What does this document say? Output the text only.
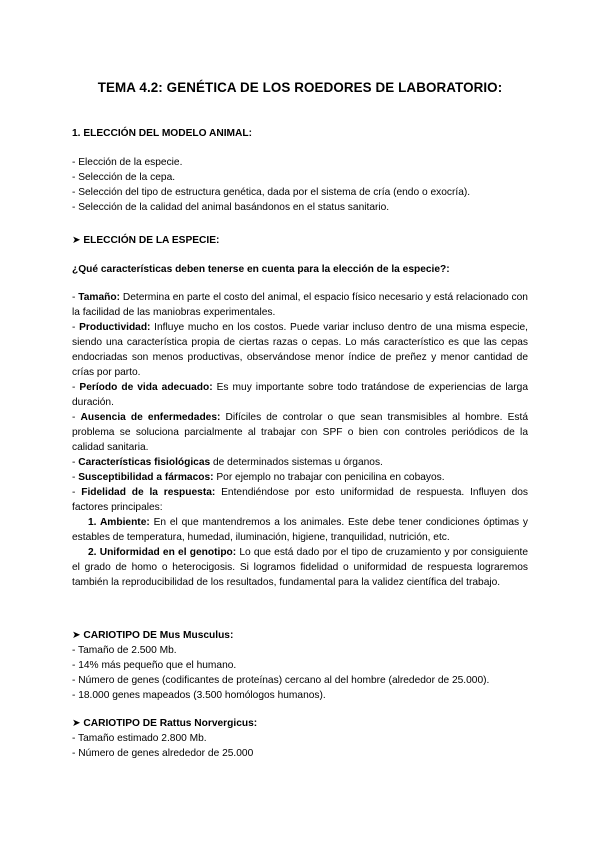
TEMA 4.2: GENÉTICA DE LOS ROEDORES DE LABORATORIO:
1. ELECCIÓN DEL MODELO ANIMAL:
- Elección de la especie.
- Selección de la cepa.
- Selección del tipo de estructura genética, dada por el sistema de cría (endo o exocría).
- Selección de la calidad del animal basándonos en el status sanitario.
➤ ELECCIÓN DE LA ESPECIE:
¿Qué características deben tenerse en cuenta para la elección de la especie?:
- Tamaño: Determina en parte el costo del animal, el espacio físico necesario y está relacionado con la facilidad de las maniobras experimentales.
- Productividad: Influye mucho en los costos. Puede variar incluso dentro de una misma especie, siendo una característica propia de ciertas razas o cepas. Lo más característico es que las cepas endocriadas son menos productivas, observándose menor índice de preñez y menor cantidad de crías por parto.
- Período de vida adecuado: Es muy importante sobre todo tratándose de experiencias de larga duración.
- Ausencia de enfermedades: Difíciles de controlar o que sean transmisibles al hombre. Está problema se soluciona parcialmente al trabajar con SPF o bien con controles periódicos de la calidad sanitaria.
- Características fisiológicas de determinados sistemas u órganos.
- Susceptibilidad a fármacos: Por ejemplo no trabajar con penicilina en cobayos.
- Fidelidad de la respuesta: Entendiéndose por esto uniformidad de respuesta. Influyen dos factores principales:
1. Ambiente: En el que mantendremos a los animales. Este debe tener condiciones óptimas y estables de temperatura, humedad, iluminación, higiene, tranquilidad, nutrición, etc.
2. Uniformidad en el genotipo: Lo que está dado por el tipo de cruzamiento y por consiguiente el grado de homo o heterocigosis. Si logramos fidelidad o uniformidad de respuesta lograremos también la reproducibilidad de los resultados, fundamental para la validez científica del trabajo.
➤ CARIOTIPO DE Mus Musculus:
- Tamaño de 2.500 Mb.
- 14% más pequeño que el humano.
- Número de genes (codificantes de proteínas) cercano al del hombre (alrededor de 25.000).
- 18.000 genes mapeados (3.500 homólogos humanos).
➤ CARIOTIPO DE Rattus Norvergicus:
- Tamaño estimado 2.800 Mb.
- Número de genes alrededor de 25.000
